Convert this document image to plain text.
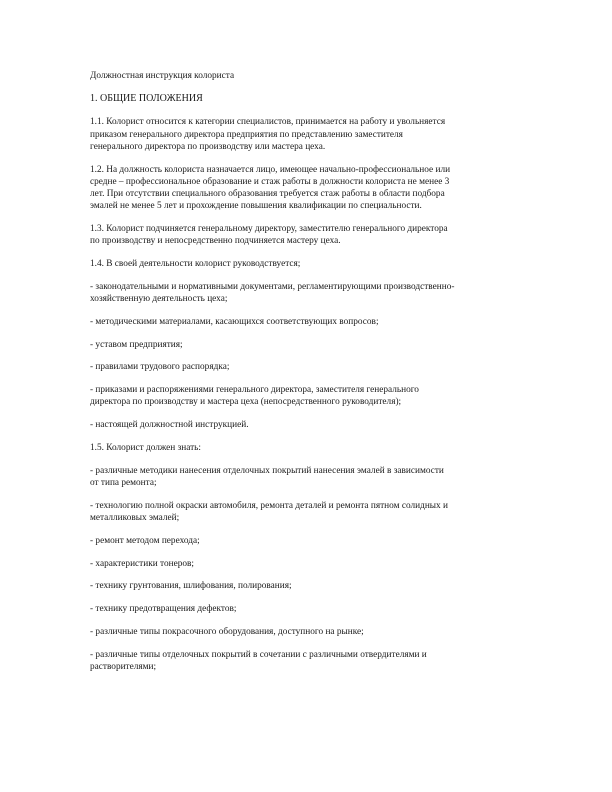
Должностная инструкция колориста
1. ОБЩИЕ ПОЛОЖЕНИЯ
1.1. Колорист относится к категории специалистов, принимается на работу и увольняется
приказом генерального директора предприятия по представлению заместителя
генерального директора по производству или мастера цеха.
1.2. На должность колориста назначается лицо, имеющее начально-профессиональное или
средне – профессиональное образование и стаж работы в должности колориста не менее 3
лет. При отсутствии специального образования требуется стаж работы в области подбора
эмалей не менее 5 лет и прохождение повышения квалификации по специальности.
1.3. Колорист подчиняется генеральному директору, заместителю генерального директора
по производству и непосредственно подчиняется мастеру цеха.
1.4. В своей деятельности колорист руководствуется;
- законодательными и нормативными документами, регламентирующими производственно-
хозяйственную деятельность цеха;
- методическими материалами, касающихся соответствующих вопросов;
- уставом предприятия;
- правилами трудового распорядка;
- приказами и распоряжениями генерального директора, заместителя генерального
директора по производству и мастера цеха (непосредственного руководителя);
- настоящей должностной инструкцией.
1.5. Колорист должен знать:
- различные методики нанесения отделочных покрытий нанесения эмалей в зависимости
от типа ремонта;
- технологию полной окраски автомобиля, ремонта деталей и ремонта пятном солидных и
металликовых эмалей;
- ремонт методом перехода;
- характеристики тонеров;
- технику грунтования, шлифования, полирования;
- технику предотвращения дефектов;
- различные типы покрасочного оборудования, доступного на рынке;
- различные типы отделочных покрытий в сочетании с различными отвердителями и
растворителями;
